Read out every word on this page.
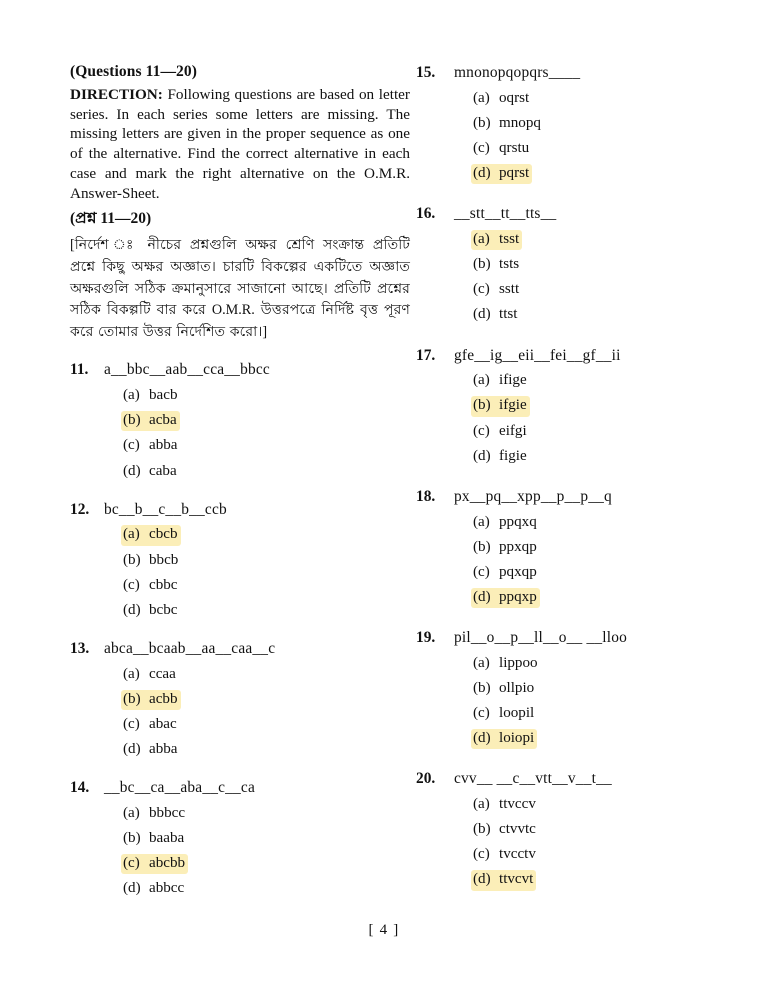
(Questions 11—20)

DIRECTION: Following questions are based on letter series. In each series some letters are missing. The missing letters are given in the proper sequence as one of the alternative. Find the correct alternative in each case and mark the right alternative on the O.M.R. Answer-Sheet.

(প্রশ্ন 11—20)

[নির্দেশ ঃ নীচের প্রশ্নগুলি অক্ষর শ্রেণি সংক্রান্ত প্রতিটি প্রশ্নে কিছু অক্ষর অজ্ঞাত। চারটি বিকল্পের একটিতে অজ্ঞাত অক্ষরগুলি সঠিক ক্রমানুসারে সাজানো আছে। প্রতিটি প্রশ্নের সঠিক বিকল্পটি বার করে O.M.R. উত্তরপত্রে নির্দিষ্ট বৃত্ত পূরণ করে তোমার উত্তর নির্দেশিত করো।]

11.	a__bbc__aab__cca__bbcc
(a) bacb
(b) acba
(c) abba
(d) caba
12. bc__b__c__b__ccb
(a) cbcb
(b) bbcb
(c) cbbc
(d) bcbc
13. abca__bcaab__aa__caa__c
(a) ccaa
(b) acbb
(c) abac
(d) abba
14. __bc__ca__aba__c__ca
(a) bbbcc
(b) baaba
(c) abcbb
(d) abbcc
15.	mnonopqopqrs____
(a) oqrst
(b) mnopq
(c) qrstu
(d) pqrst
16.	__stt__tt__tts__
(a) tsst
(b) tsts
(c) sstt
(d) ttst
17.	gfe__ig__eii__fei__gf__ii
(a) ifige
(b) ifgie
(c) eifgi
(d) figie
18.	px__pq__xpp__p__p__q
(a) ppqxq
(b) ppxqp
(c) pqxqp
(d) ppqxp
19.	pil__o__p__ll__o__ __lloo
(a) lippoo
(b) ollpio
(c) loopil
(d) loiopi
20.	cvv__ __c__vtt__v__t__
(a) ttvccv
(b) ctvvtc
(c) tvcctv
(d) ttvcvt
[ 4 ]
